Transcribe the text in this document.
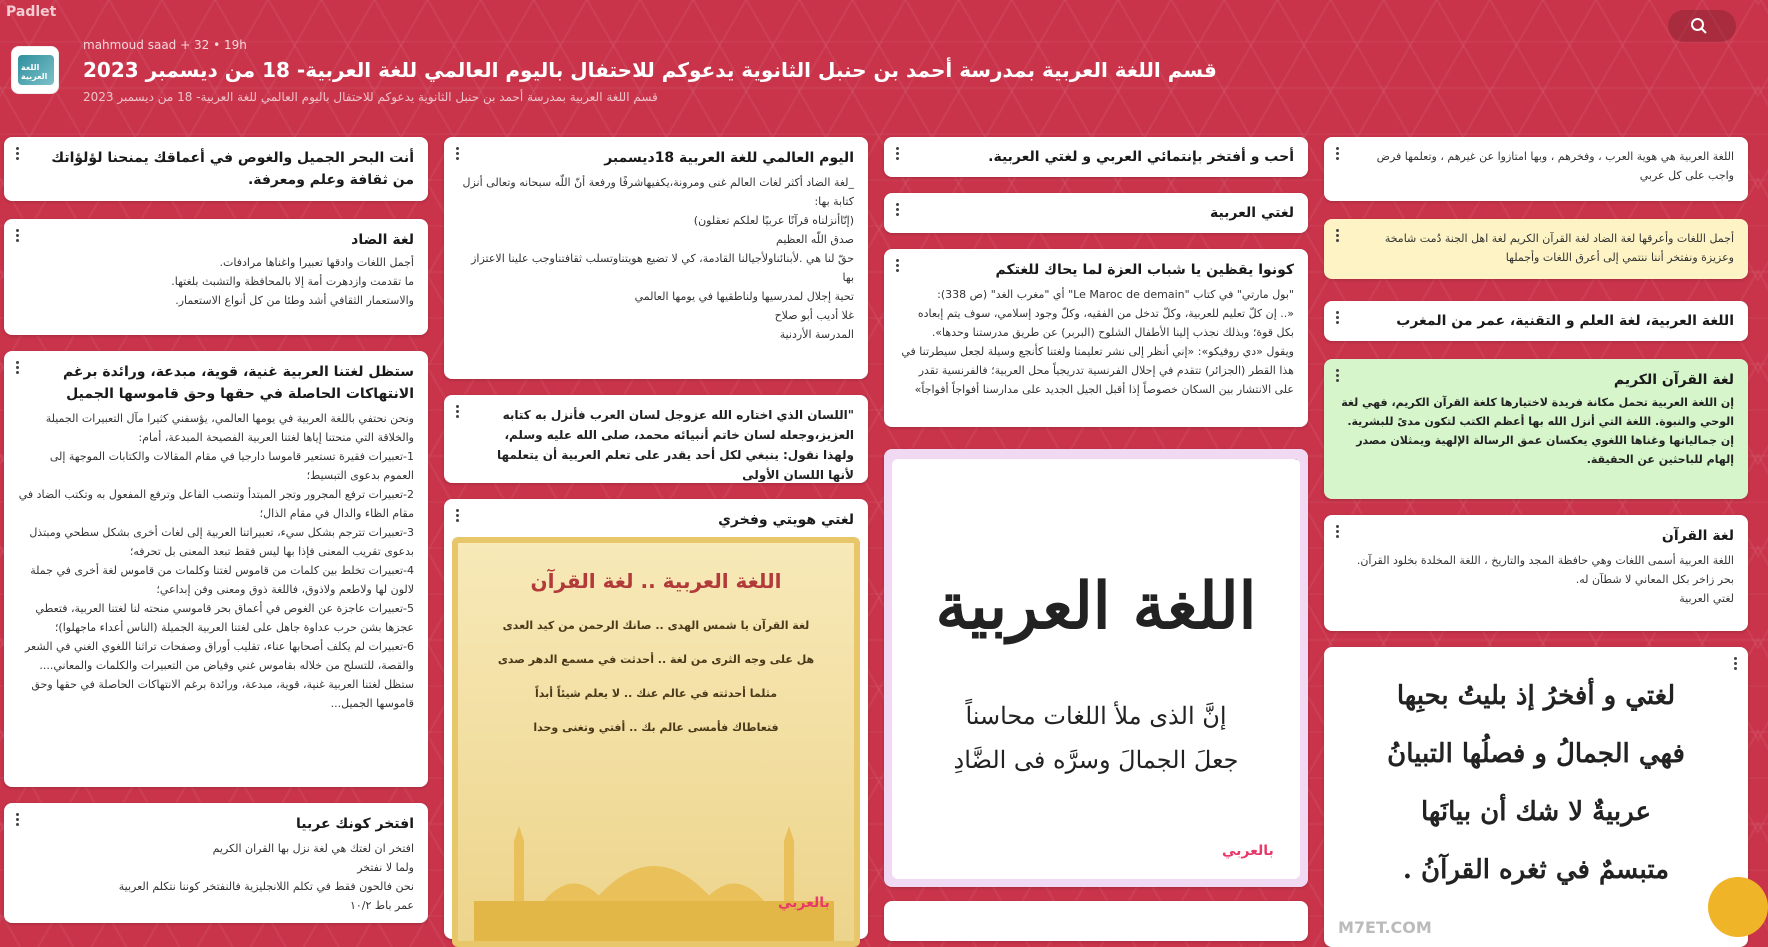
Padlet
اللغة العربية
mahmoud saad + 32 • 19h
قسم اللغة العربية بمدرسة أحمد بن حنبل الثانوية يدعوكم للاحتفال باليوم العالمي للغة العربية- 18 من ديسمبر 2023
قسم اللغة العربية بمدرسة أحمد بن حنبل الثانوية يدعوكم للاحتفال باليوم العالمي للغة العربية- 18 من ديسمبر 2023
أنت البحر الجميل والغوص في أعماقك يمنحنا لؤلؤاتك من ثقافة وعلم ومعرفة.
لغة الضاد

أجمل اللغات وادقها تعبيرا واغناها مرادفات.

ما تقدمت وازدهرت أمة إلا بالمحافظة والتشبث بلغتها.

والاستعمار الثقافي أشد وطئا من كل أنواع الاستعمار.

ستظل لغتنا العربية غنية، قوية، مبدعة، ورائدة برغم الانتهاكات الحاصلة في حقها وحق قاموسها الجميل

ونحن نحتفي باللغة العربية في يومها العالمي، يؤسفني كثيرا مآل التعبيرات الجميلة والخلاقة التي منحتنا إياها لغتنا العربية الفصيحة المبدعة، أمام:

1-تعبيرات فقيرة تستعير قاموسا دارجيا في مقام المقالات والكتابات الموجهة إلى العموم بدعوى التبسيط؛

2-تعبيرات ترفع المجرور وتجر المبتدأ وتنصب الفاعل وترفع المفعول به وتكتب الضاد في مقام الظاء والدال في مقام الذال؛

3-تعبيرات تترجم بشكل سيء، تعبيراتنا العربية إلى لغات أخرى بشكل سطحي ومبتذل بدعوى تقريب المعنى فإذا بها ليس فقط تبعد المعنى بل تحرفه؛

4-تعبيرات تخلط بين كلمات من قاموس لغتنا وكلمات من قاموس لغة أخرى في جملة لالون لها ولاطعم ولاذوق، فاللغة ذوق ومعنى وفن إبداعي؛

5-تعبيرات عاجزة عن الغوص في أعماق بحر قاموسي منحته لنا لغتنا العربية، فتعطي عجزها بشن حرب عداوة جاهل على لغتنا العربية الجميلة (الناس أعداء ماجهلوا)؛

6-تعبيرات لم يكلف أصحابها عناء، تقليب أوراق وصفحات تراثنا اللغوي الغني في الشعر والقصة، للتسلح من خلاله بقاموس غني وفياض من التعبيرات والكلمات والمعاني....

ستظل لغتنا العربية غنية، قوية، مبدعة، ورائدة برغم الانتهاكات الحاصلة في حقها وحق قاموسها الجميل...

افتخر كونك عربيا

افتخر ان لغتك هي لغة نزل بها القران الكريم

ولما لا نفتخر

نحن فالحون فقط في تكلم اللانجليزية فالنفتخر كوننا نتكلم العربية

عمر باط ١٠/٢

اليوم العالمي للغة العربية 18ديسمبر

_لغة الضاد أكثر لغات العالم غنى ومرونة،يكفيهاشرفًا ورفعة أنّ اللّه سبحانه وتعالى أنزل كتابة بها:

(إنّاأنزلناه قرآنًا عربيًا لعلكم تعقلون)

صدق اللّه العظيم

حقّ لنا هي .لأبنائناولأجيالنا القادمة، كي لا تضيع هويتناوتسلب ثقافتناوجب علينا الاعتزاز بها

تحية إجلال لمدرسيها ولناطقيها في يومها العالمي

غلا أديب أبو صلاح

المدرسة الأردنية

"اللسان الذي اختاره الله عزوجل لسان العرب فأنزل به كتابه العزيز،وجعله لسان خاتم أنبيائه محمد، صلى الله عليه وسلم، ولهذا نقول: ينبغي لكل أحد يقدر على تعلم العربية أن يتعلمها لأنها اللسان الأولى
لغتي هويتي وفخري
اللغة العربية .. لغة القرآن
لغة القرآن يا شمس الهدى .. صانك الرحمن من كيد العدى
هل على وجه الثرى من لغة .. أحدثت في مسمع الدهر صدى
مثلما أحدثته في عالم عنك .. لا يعلم شيئاً أبداً
فتعاطاك فأمسى عالم بك .. أفتي وتغنى وحدا
بالعربي
أحب و أفتخر بإنتمائي العربي و لغتي العربية.
لغتي العربية
كونوا يقظين يا شباب العزة لما يحاك للغتكم

"بول مارتي" في كتاب "Le Maroc de demain" أي "مغرب الغد" (ص 338):

«.. إن كلّ تعليم للعربية، وكلّ تدخل من الفقيه، وكلّ وجود إسلامي، سوف يتم إبعاده بكل قوة؛ وبذلك نجذب إلينا الأطفال الشلوح (البربر) عن طريق مدرستنا وحدها».

ويقول «دي روفيكو»: «إني أنظر إلى نشر تعليمنا ولغتنا كأنجع وسيلة لجعل سيطرتنا في هذا القطر (الجزائر) تتقدم في إحلال الفرنسية تدريجياً محل العربية؛ فالفرنسية تقدر على الانتشار بين السكان خصوصاً إذا أقبل الجيل الجديد على مدارسنا أفواجاً أفواجاً»

اللغة العربية
إنَّ الذى ملأ اللغات محاسناً
جعلَ الجمالَ وسرَّه فى الضَّادِ
بالعربي

اللغة العربية هي هوية العرب ، وفخرهم ، وبها امتازوا عن غيرهم ، وتعلمها فرض واجب على كل عربي

أجمل اللغات وأعرقها لغة الضاد لغة القرآن الكريم لغة اهل الجنة دُمت شامخة وعزيزة ونفتخر أننا ننتمي إلى أعرق اللغات وأجملها

اللغة العربية، لغة العلم و التقنية، عمر من المغرب
لغة القرآن الكريم
إن اللغة العربية تحمل مكانة فريدة لاختيارها كلغة القرآن الكريم، فهي لغة الوحي والنبوة. اللغة التي أنزل الله بها أعظم الكتب لتكون مدىً للبشرية. إن جمالياتها وغناها اللغوي يعكسان عمق الرسالة الإلهية ويمثلان مصدر إلهام للباحثين عن الحقيقة.
لغة القرآن

اللغة العربية أسمى اللغات وهي حافظة المجد والتاريخ ، اللغة المخلدة بخلود القرآن. بحر زاخر بكل المعاني لا شطآن له.

لغتي العربية

لغتي و أفخرُ إذ بليتُ بحبِها
فهي الجمالُ و فصلُها التبيانُ
عربيةٌ لا شك أن بيانَها
متبسمٌ في ثغره القرآنُ .
M7ET.COM
